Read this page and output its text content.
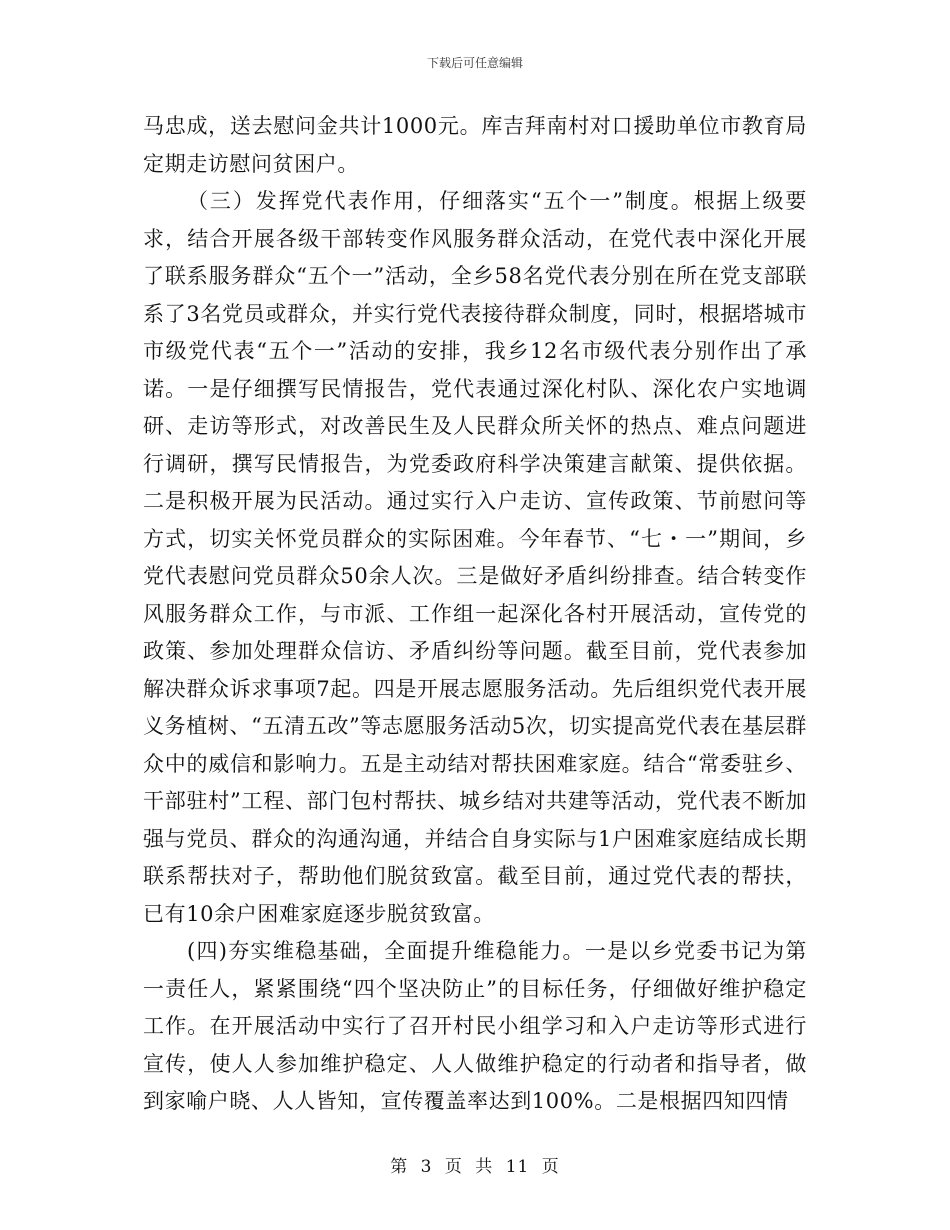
下载后可任意编辑

马忠成，送去慰问金共计1000元。库吉拜南村对口援助单位市教育局定期走访慰问贫困户。

（三）发挥党代表作用，仔细落实“五个一”制度。根据上级要求，结合开展各级干部转变作风服务群众活动，在党代表中深化开展了联系服务群众“五个一”活动，全乡58名党代表分别在所在党支部联系了3名党员或群众，并实行党代表接待群众制度，同时，根据塔城市市级党代表“五个一”活动的安排，我乡12名市级代表分别作出了承诺。一是仔细撰写民情报告，党代表通过深化村队、深化农户实地调研、走访等形式，对改善民生及人民群众所关怀的热点、难点问题进行调研，撰写民情报告，为党委政府科学决策建言献策、提供依据。二是积极开展为民活动。通过实行入户走访、宣传政策、节前慰问等方式，切实关怀党员群众的实际困难。今年春节、“七・一”期间，乡党代表慰问党员群众50余人次。三是做好矛盾纠纷排查。结合转变作风服务群众工作，与市派、工作组一起深化各村开展活动，宣传党的政策、参加处理群众信访、矛盾纠纷等问题。截至目前，党代表参加解决群众诉求事项7起。四是开展志愿服务活动。先后组织党代表开展义务植树、“五清五改”等志愿服务活动5次，切实提高党代表在基层群众中的威信和影响力。五是主动结对帮扶困难家庭。结合“常委驻乡、干部驻村”工程、部门包村帮扶、城乡结对共建等活动，党代表不断加强与党员、群众的沟通沟通，并结合自身实际与1户困难家庭结成长期联系帮扶对子，帮助他们脱贫致富。截至目前，通过党代表的帮扶，已有10余户困难家庭逐步脱贫致富。

(四)夯实维稳基础，全面提升维稳能力。一是以乡党委书记为第一责任人，紧紧围绕“四个坚决防止”的目标任务，仔细做好维护稳定工作。在开展活动中实行了召开村民小组学习和入户走访等形式进行宣传，使人人参加维护稳定、人人做维护稳定的行动者和指导者，做到家喻户晓、人人皆知，宣传覆盖率达到100%。二是根据四知四情

第 3 页 共 11 页
